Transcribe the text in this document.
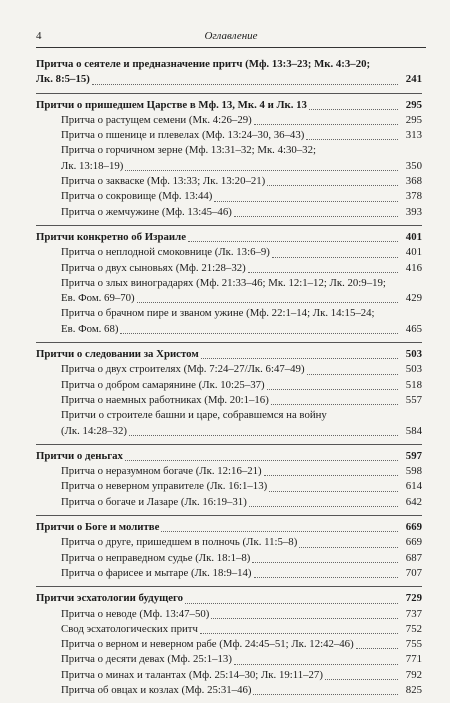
4	Оглавление
Притча о сеятеле и предназначение притч (Мф. 13:3–23; Мк. 4:3–20;
Лк. 8:5–15)	241
Притчи о пришедшем Царстве в Мф. 13, Мк. 4 и Лк. 13	295
Притча о растущем семени (Мк. 4:26–29)	295
Притча о пшенице и плевелах (Мф. 13:24–30, 36–43)	313
Притча о горчичном зерне (Мф. 13:31–32; Мк. 4:30–32;
Лк. 13:18–19)	350
Притча о закваске (Мф. 13:33; Лк. 13:20–21)	368
Притча о сокровище (Мф. 13:44)	378
Притча о жемчужине (Мф. 13:45–46)	393
Притчи конкретно об Израиле	401
Притча о неплодной смоковнице (Лк. 13:6–9)	401
Притча о двух сыновьях (Мф. 21:28–32)	416
Притча о злых виноградарях (Мф. 21:33–46; Мк. 12:1–12; Лк. 20:9–19;
Ев. Фом. 69–70)	429
Притча о брачном пире и званом ужине (Мф. 22:1–14; Лк. 14:15–24;
Ев. Фом. 68)	465
Притчи о следовании за Христом	503
Притча о двух строителях (Мф. 7:24–27/Лк. 6:47–49)	503
Притча о добром самарянине (Лк. 10:25–37)	518
Притча о наемных работниках (Мф. 20:1–16)	557
Притчи о строителе башни и царе, собравшемся на войну
(Лк. 14:28–32)	584
Притчи о деньгах	597
Притча о неразумном богаче (Лк. 12:16–21)	598
Притча о неверном управителе (Лк. 16:1–13)	614
Притча о богаче и Лазаре (Лк. 16:19–31)	642
Притчи о Боге и молитве	669
Притча о друге, пришедшем в полночь (Лк. 11:5–8)	669
Притча о неправедном судье (Лк. 18:1–8)	687
Притча о фарисее и мытаре (Лк. 18:9–14)	707
Притчи эсхатологии будущего	729
Притча о неводе (Мф. 13:47–50)	737
Свод эсхатологических притч	752
Притча о верном и неверном рабе (Мф. 24:45–51; Лк. 12:42–46)	755
Притча о десяти девах (Мф. 25:1–13)	771
Притча о минах и талантах (Мф. 25:14–30; Лк. 19:11–27)	792
Притча об овцах и козлах (Мф. 25:31–46)	825
